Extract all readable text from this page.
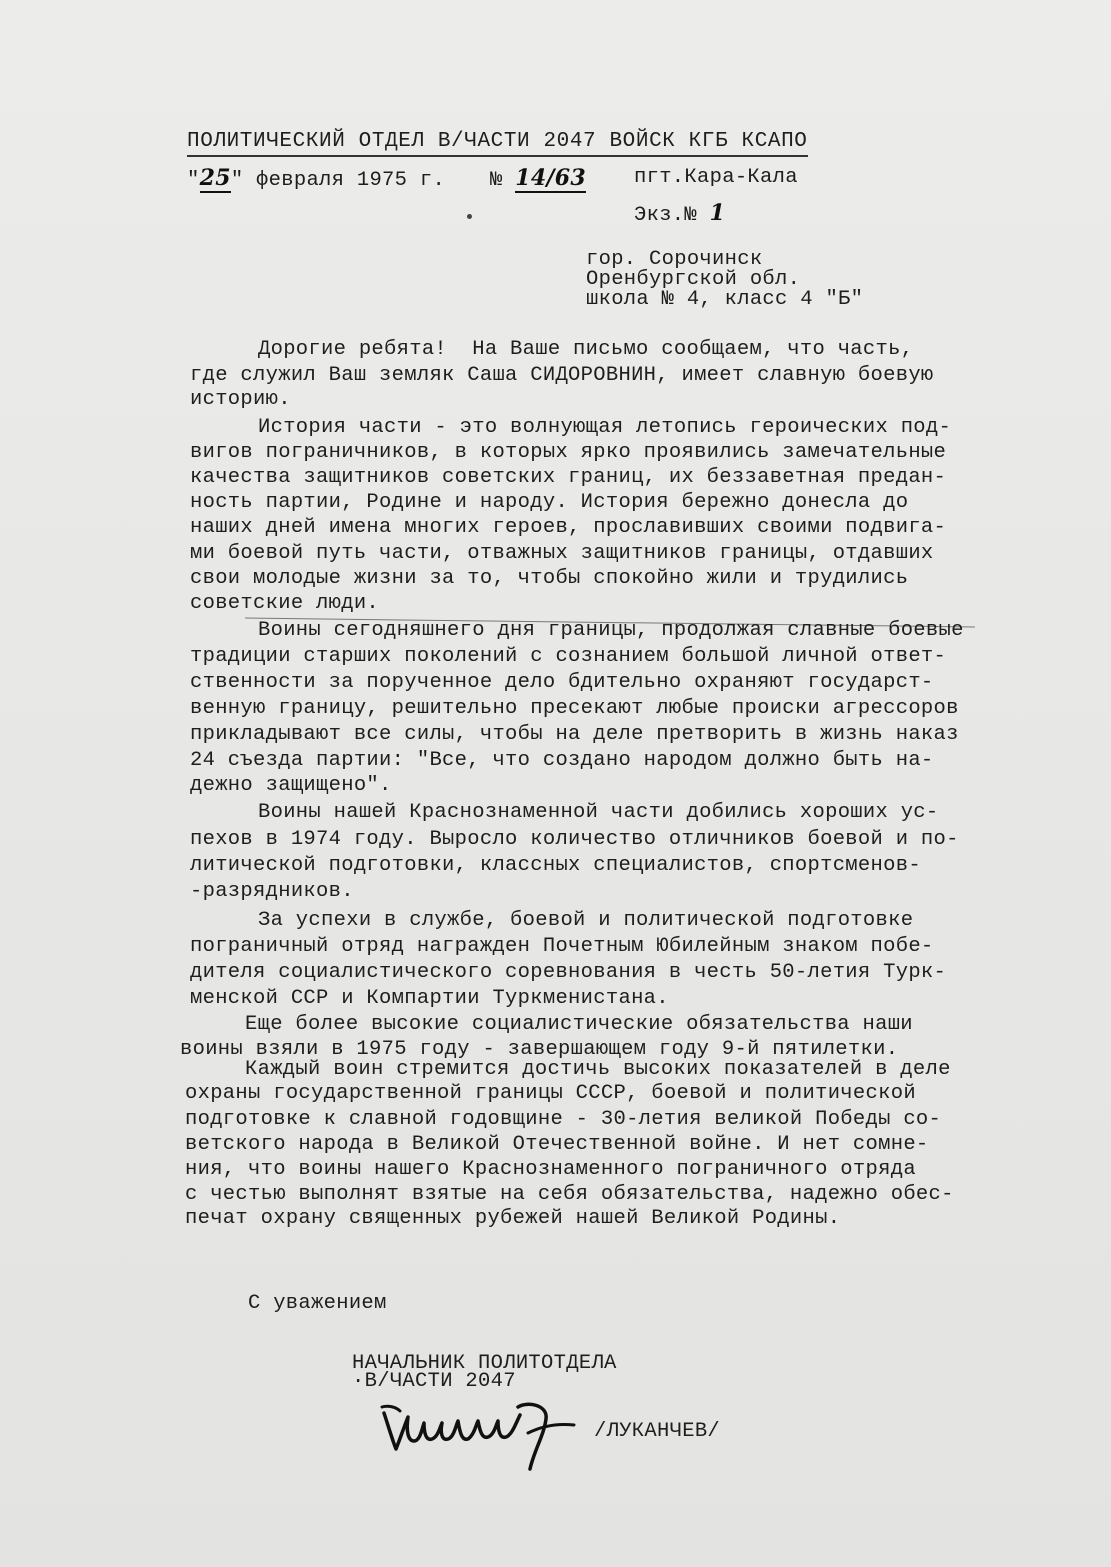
ПОЛИТИЧЕСКИЙ ОТДЕЛ В/ЧАСТИ 2047 ВОЙСК КГБ КСАПО
"25" февраля 1975 г. № 14/63 пгт.Кара-Кала
Экз.№ 1
гор. Сорочинск
Оренбургской обл.
школа № 4, класс 4 "Б"
Дорогие ребята!  На Ваше письмо сообщаем, что часть,
где служил Ваш земляк Саша СИДОРОВНИН, имеет славную боевую
историю.
История части - это волнующая летопись героических под-
вигов пограничников, в которых ярко проявились замечательные
качества защитников советских границ, их беззаветная предан-
ность партии, Родине и народу. История бережно донесла до
наших дней имена многих героев, прославивших своими подвига-
ми боевой путь части, отважных защитников границы, отдавших
свои молодые жизни за то, чтобы спокойно жили и трудились
советские люди.
Воины сегодняшнего дня границы, продолжая славные боевые
традиции старших поколений с сознанием большой личной ответ-
ственности за порученное дело бдительно охраняют государст-
венную границу, решительно пресекают любые происки агрессоров
прикладывают все силы, чтобы на деле претворить в жизнь наказ
24 съезда партии: "Все, что создано народом должно быть на-
дежно защищено".
Воины нашей Краснознаменной части добились хороших ус-
пехов в 1974 году. Выросло количество отличников боевой и по-
литической подготовки, классных специалистов, спортсменов-
-разрядников.
За успехи в службе, боевой и политической подготовке
пограничный отряд награжден Почетным Юбилейным знаком побе-
дителя социалистического соревнования в честь 50-летия Турк-
менской ССР и Компартии Туркменистана.
Еще более высокие социалистические обязательства наши
воины взяли в 1975 году - завершающем году 9-й пятилетки.
Каждый воин стремится достичь высоких показателей в деле
охраны государственной границы СССР, боевой и политической
подготовке к славной годовщине - 30-летия великой Победы со-
ветского народа в Великой Отечественной войне. И нет сомне-
ния, что воины нашего Краснознаменного пограничного отряда
с честью выполнят взятые на себя обязательства, надежно обес-
печат охрану священных рубежей нашей Великой Родины.
С уважением
НАЧАЛЬНИК ПОЛИТОТДЕЛА
·В/ЧАСТИ 2047
/ЛУКАНЧЕВ/
